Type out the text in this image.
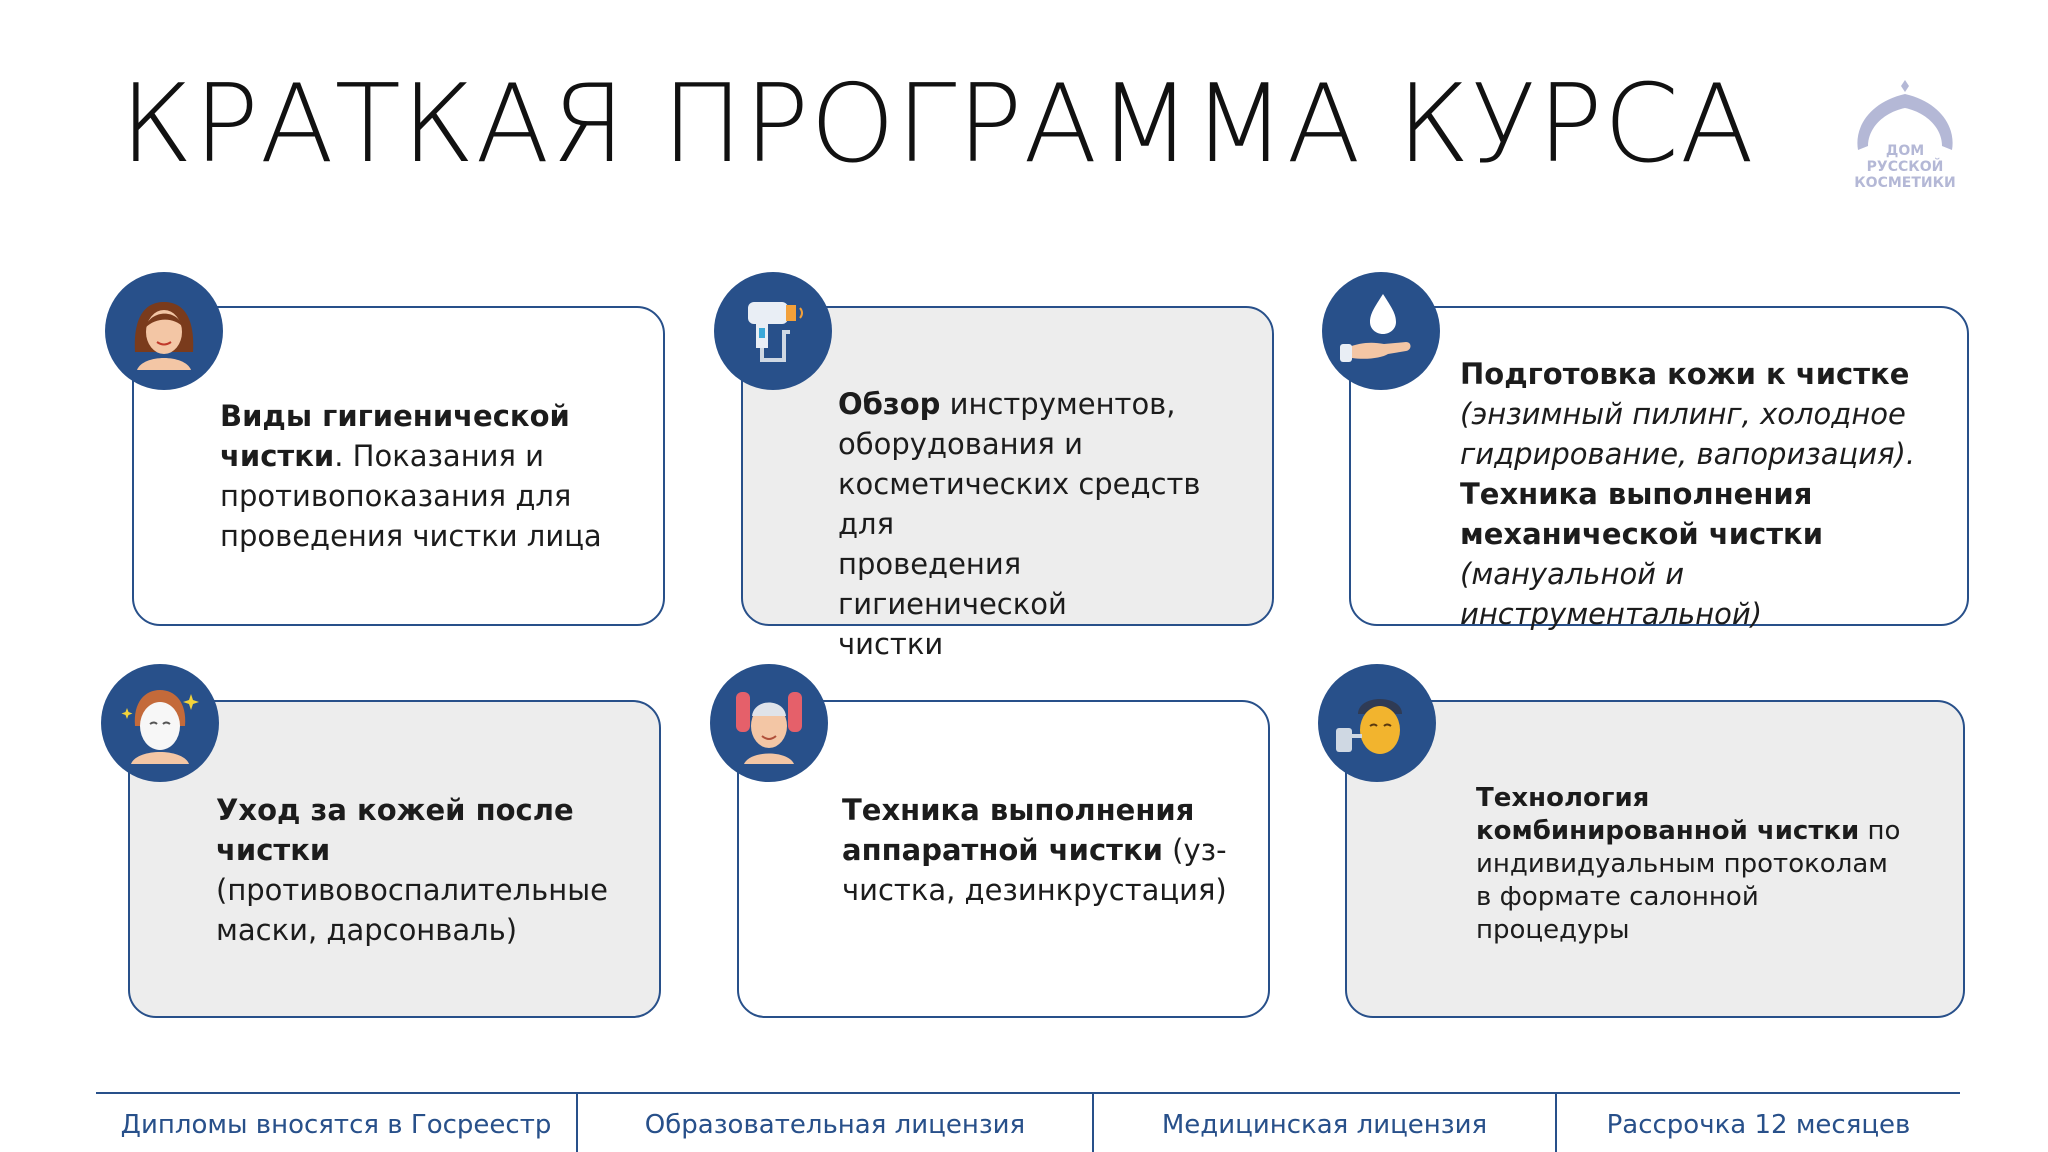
КРАТКАЯ ПРОГРАММА КУРСА	ДОМ
РУССКОЙ
КОСМЕТИКИ
Виды гигиенической
чистки. Показания и
противопоказания для
проведения чистки лица
Обзор инструментов,
оборудования и
косметических средств для
проведения гигиенической
чистки
Подготовка кожи к чистке
(энзимный пилинг, холодное
гидрирование, вапоризация).
Техника выполнения
механической чистки
(мануальной и инструментальной)
Уход за кожей после
чистки
(противовоспалительные
маски, дарсонваль)
Техника выполнения
аппаратной чистки (уз-
чистка, дезинкрустация)
Технология
комбинированной чистки по
индивидуальным протоколам
в формате салонной
процедуры
Дипломы вносятся в Госреестр	Образовательная лицензия	Медицинская лицензия	Рассрочка 12 месяцев
